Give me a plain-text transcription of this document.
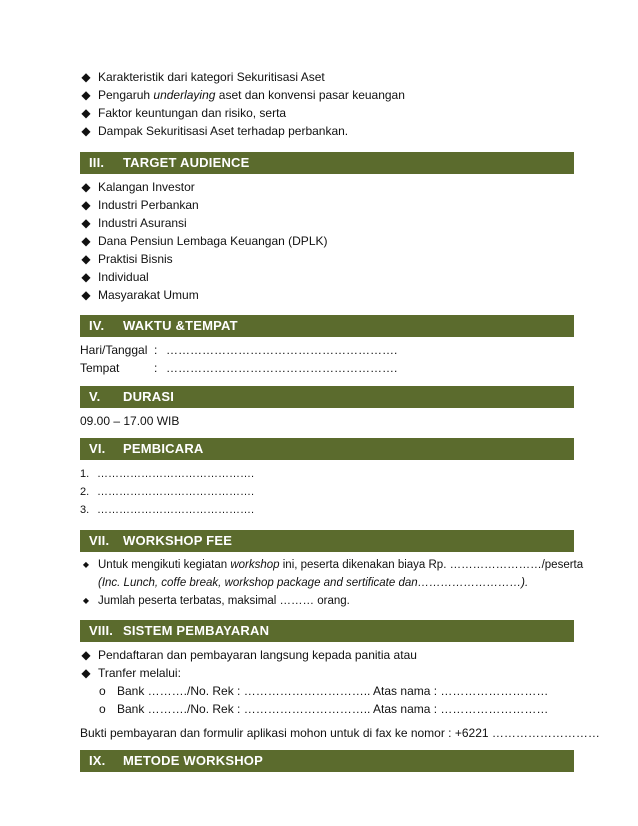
◆ Karakteristik dari kategori Sekuritisasi Aset
◆ Pengaruh underlaying aset dan konvensi pasar keuangan
◆ Faktor keuntungan dan risiko, serta
◆ Dampak Sekuritisasi Aset terhadap perbankan.
III. TARGET AUDIENCE
◆ Kalangan Investor
◆ Industri Perbankan
◆ Industri Asuransi
◆ Dana Pensiun Lembaga Keuangan (DPLK)
◆ Praktisi Bisnis
◆ Individual
◆ Masyarakat Umum
IV. WAKTU &TEMPAT
Hari/Tanggal : ………………………………………………….
Tempat	: ………………………………………………….
V. DURASI
09.00 – 17.00 WIB
VI. PEMBICARA
1. …………………………………….
2. …………………………………….
3. …………………………………….
VII. WORKSHOP FEE
◆ Untuk mengikuti kegiatan workshop ini, peserta dikenakan biaya Rp. ……………………/peserta
(Inc. Lunch, coffe break, workshop package and sertificate dan………………………).
◆ Jumlah peserta terbatas, maksimal ……… orang.
VIII. SISTEM PEMBAYARAN
◆ Pendaftaran dan pembayaran langsung kepada panitia atau
◆ Tranfer melalui:
o Bank ………./No. Rek : ………………………….. Atas nama : ………………………
o Bank ………./No. Rek : ………………………….. Atas nama : ………………………
Bukti pembayaran dan formulir aplikasi mohon untuk di fax ke nomor : +6221 ………………………
IX. METODE WORKSHOP
